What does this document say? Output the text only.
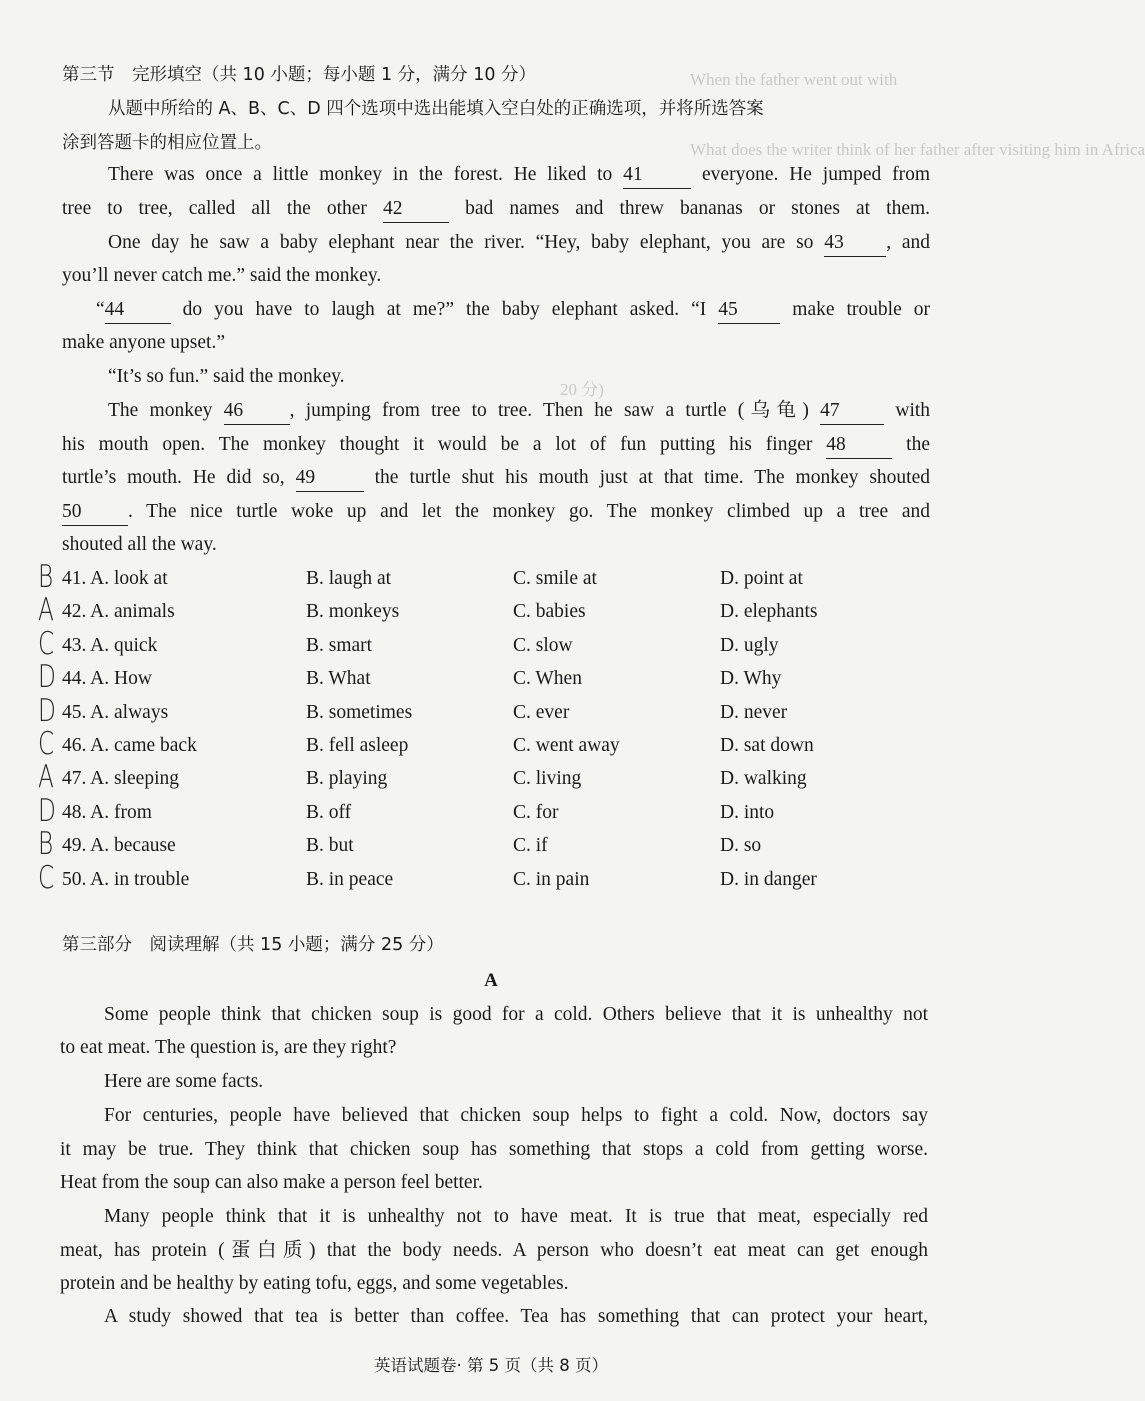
When the father went out with
What does the writer think of her father after visiting him in Africa
20 分)
第三节　完形填空（共 10 小题；每小题 1 分，满分 10 分）
从题中所给的 A、B、C、D 四个选项中选出能填入空白处的正确选项，并将所选答案
涂到答题卡的相应位置上。
There was once a little monkey in the forest. He liked to 41	everyone. He jumped from
tree to tree, called all the other 42	bad names and threw bananas or stones at them.
One day he saw a baby elephant near the river. “Hey, baby elephant, you are so 43 , and
you’ll never catch me.” said the monkey.
“44	do you have to laugh at me?” the baby elephant asked. “I 45	make trouble or
make anyone upset.”
“It’s so fun.” said the monkey.
The monkey 46 , jumping from tree to tree. Then he saw a turtle (乌龟) 47	with
his mouth open. The monkey thought it would be a lot of fun putting his finger 48	the
turtle’s mouth. He did so, 49	the turtle shut his mouth just at that time. The monkey shouted
50 . The nice turtle woke up and let the monkey go. The monkey climbed up a tree and
shouted all the way.
B 41. A. look at	B. laugh at	C. smile at	D. point at
A 42. A. animals	B. monkeys	C. babies	D. elephants
C 43. A. quick	B. smart	C. slow	D. ugly
D 44. A. How	B. What	C. When	D. Why
D 45. A. always	B. sometimes	C. ever	D. never
C 46. A. came back	B. fell asleep	C. went away	D. sat down
A 47. A. sleeping	B. playing	C. living	D. walking
D 48. A. from	B. off	C. for	D. into
B 49. A. because	B. but	C. if	D. so
C 50. A. in trouble	B. in peace	C. in pain	D. in danger
第三部分　阅读理解（共 15 小题；满分 25 分）
A
Some people think that chicken soup is good for a cold. Others believe that it is unhealthy not
to eat meat. The question is, are they right?
Here are some facts.
For centuries, people have believed that chicken soup helps to fight a cold. Now, doctors say
it may be true. They think that chicken soup has something that stops a cold from getting worse.
Heat from the soup can also make a person feel better.
Many people think that it is unhealthy not to have meat. It is true that meat, especially red
meat, has protein (蛋白质) that the body needs. A person who doesn’t eat meat can get enough
protein and be healthy by eating tofu, eggs, and some vegetables.
A study showed that tea is better than coffee. Tea has something that can protect your heart,
英语试题卷· 第 5 页（共 8 页）
